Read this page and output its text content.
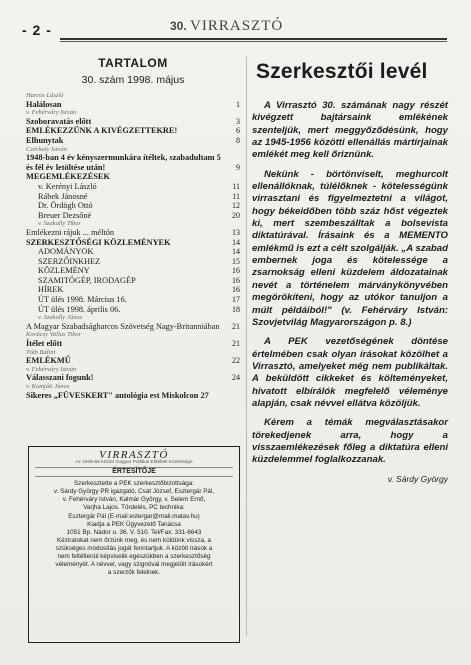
- 2 -	30. VIRRASZTÓ
TARTALOM
30. szám 1998. május
Harcos László
Halálosan	1
v. Fehérváry István
Szoboravatás előtt	3
EMLÉKEZZÜNK A KIVÉGZETTEKRE!	6
Elhunytak	8
Czérbaly István
1948-ban 4 év kényszermunkára ítéltek, szabadultam 5 és fél év letöltése után!	9
MEGEMLÉKEZÉSEK
v. Kerényi László	11
Rábek Jánosné	11
Dr. Ördögh Ottó	12
Breuer Dezsőné	20
v. Szakolly Tibor
Emlékezni rájuk ... méltón	13
SZERKESZTŐSÉGI KÖZLEMÉNYEK	14
ADOMÁNYOK	14
SZERZŐINKHEZ	15
KÖZLEMÉNY	16
SZAMITÓGÉP, IRODAGÉP	16
HÍREK	16
ÚT ülés 1998. Március 16.	17
ÚT ülés 1998. április 06.	18
v. Szakolly János
A Magyar Szabadságharcos Szövetség Nagy-Britanniában	21
Kovácsy Vallus Tibor
Ítélet előtt	21
Tóth Bálint
EMLÉKMŰ	22
v. Fehérváry István
Válasszani fogunk!	24
v. Komjáti János
Sikeres „FÜVESKERT" antológia est Miskolcon 27
VIRRASZTÓ
Az 1945-56 között magyar Politikai Elítéltek Közössége
ÉRTESÍTŐJE
Szerkesztette a PEK szerkesztőbizottsága:
v. Sárdy György PR igazgató, Csát József, Esztergár Pál,
v. Fehérváry István, Kalmár György, v. Selem Ernő,
Varjha Lajos. Tördelés, PC technika:
Esztergár Pál (E-mail:estergar@mail.matav.hu)
Kiadja a PEK Ügyvezető Tanácsa
1051 Bp. Nádor u. 36. V. 510. Tel/Fax: 331-6643
Kéziratokat nem őrzünk meg, és nem küldünk vissza, a
szükséges módosítás jogát fenntartjuk. A közölt írások a
nem feltétlenül képviselik egészükben a szerkesztőség
véleményét. A névvel, vagy szignóval megjelölt írásokért
a szerzők felelnek.
Szerkesztői levél

A Virrasztó 30. számának nagy részét kivégzett bajtársaink emlékének szenteljük, mert meggyőződésünk, hogy az 1945-1956 közötti ellenállás mártírjainak emlékét meg kell őriznünk.

Nekünk - börtönviselt, meghurcolt ellenállóknak, túlélőknek - kötelességünk virrasztani és figyelmeztetni a világot, hogy békeidőben több száz hőst végeztek ki, mert szembeszálltak a bolsevista diktatúrával. Írásaink és a MEMENTO emlékmű is ezt a célt szolgálják. „A szabad embernek joga és kötelessége a zsarnokság elleni küzdelem áldozatainak nevét a történelem márványkönyvében megörökíteni, hogy az utókor tanuljon a múlt példáiból!" (v. Fehérváry István: Szovjetvilág Magyarországon p. 8.)

A PEK vezetőségének döntése értelmében csak olyan írásokat közölhet a Virrasztó, amelyeket még nem publikáltak. A beküldött cikkeket és költeményeket, hivatott elbírálók megfelelő véleménye alapján, csak névvel ellátva közöljük.

Kérem a témák megválasztásakor törekedjenek arra, hogy a visszaemlékezések főleg a diktatúra elleni küzdelemmel foglalkozzanak.

v. Sárdy György
